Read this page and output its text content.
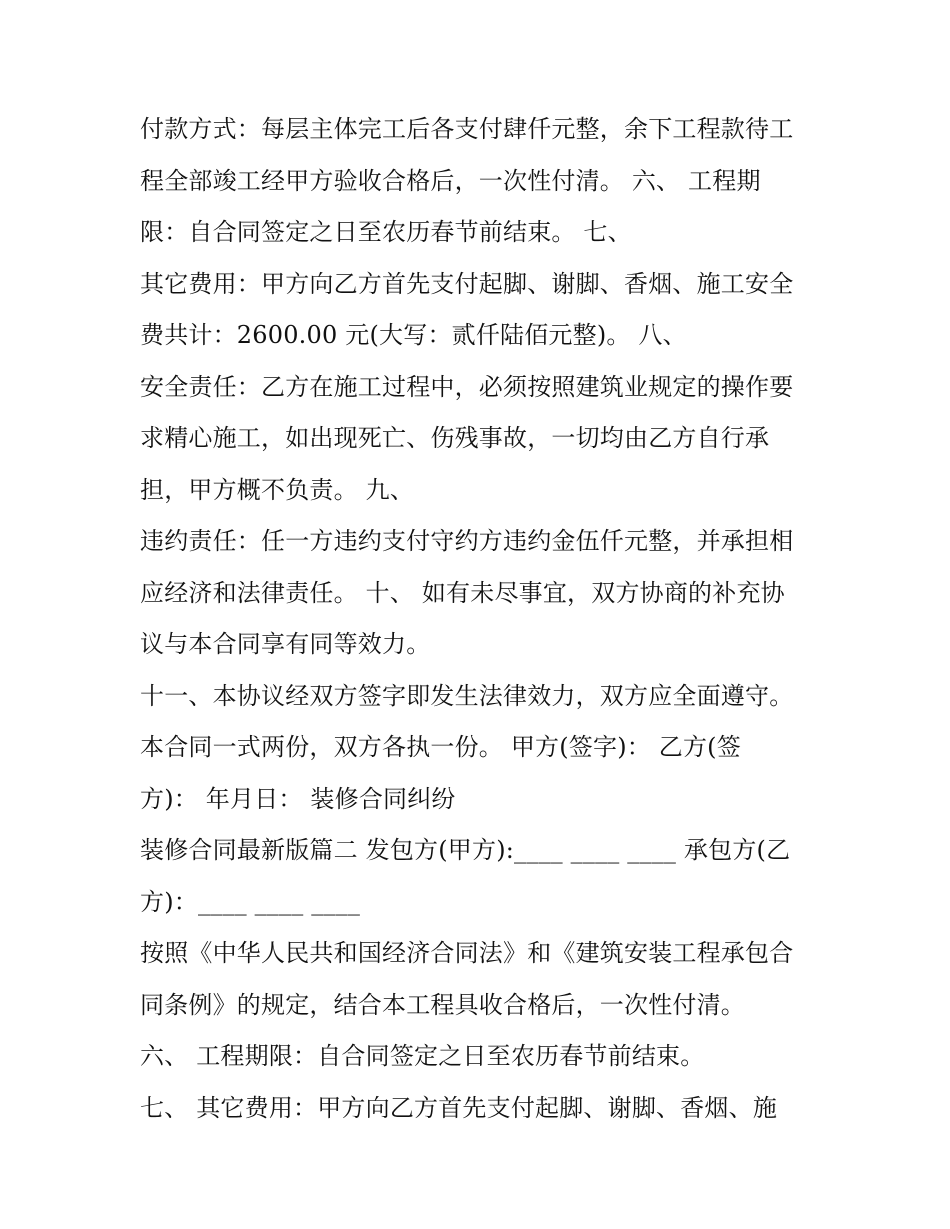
付款方式：每层主体完工后各支付肆仟元整，余下工程款待工
程全部竣工经甲方验收合格后，一次性付清。 六、 工程期
限：自合同签定之日至农历春节前结束。 七、
其它费用：甲方向乙方首先支付起脚、谢脚、香烟、施工安全
费共计：2600.00 元(大写：贰仟陆佰元整)。 八、
安全责任：乙方在施工过程中，必须按照建筑业规定的操作要
求精心施工，如出现死亡、伤残事故，一切均由乙方自行承
担，甲方概不负责。 九、
违约责任：任一方违约支付守约方违约金伍仟元整，并承担相
应经济和法律责任。 十、 如有未尽事宜，双方协商的补充协
议与本合同享有同等效力。
十一、本协议经双方签字即发生法律效力，双方应全面遵守。
本合同一式两份，双方各执一份。 甲方(签字)： 乙方(签
方)： 年月日： 装修合同纠纷
装修合同最新版篇二 发包方(甲方):____ ____ ____ 承包方(乙
方)：____ ____ ____
按照《中华人民共和国经济合同法》和《建筑安装工程承包合
同条例》的规定，结合本工程具收合格后，一次性付清。
六、 工程期限：自合同签定之日至农历春节前结束。
七、 其它费用：甲方向乙方首先支付起脚、谢脚、香烟、施
